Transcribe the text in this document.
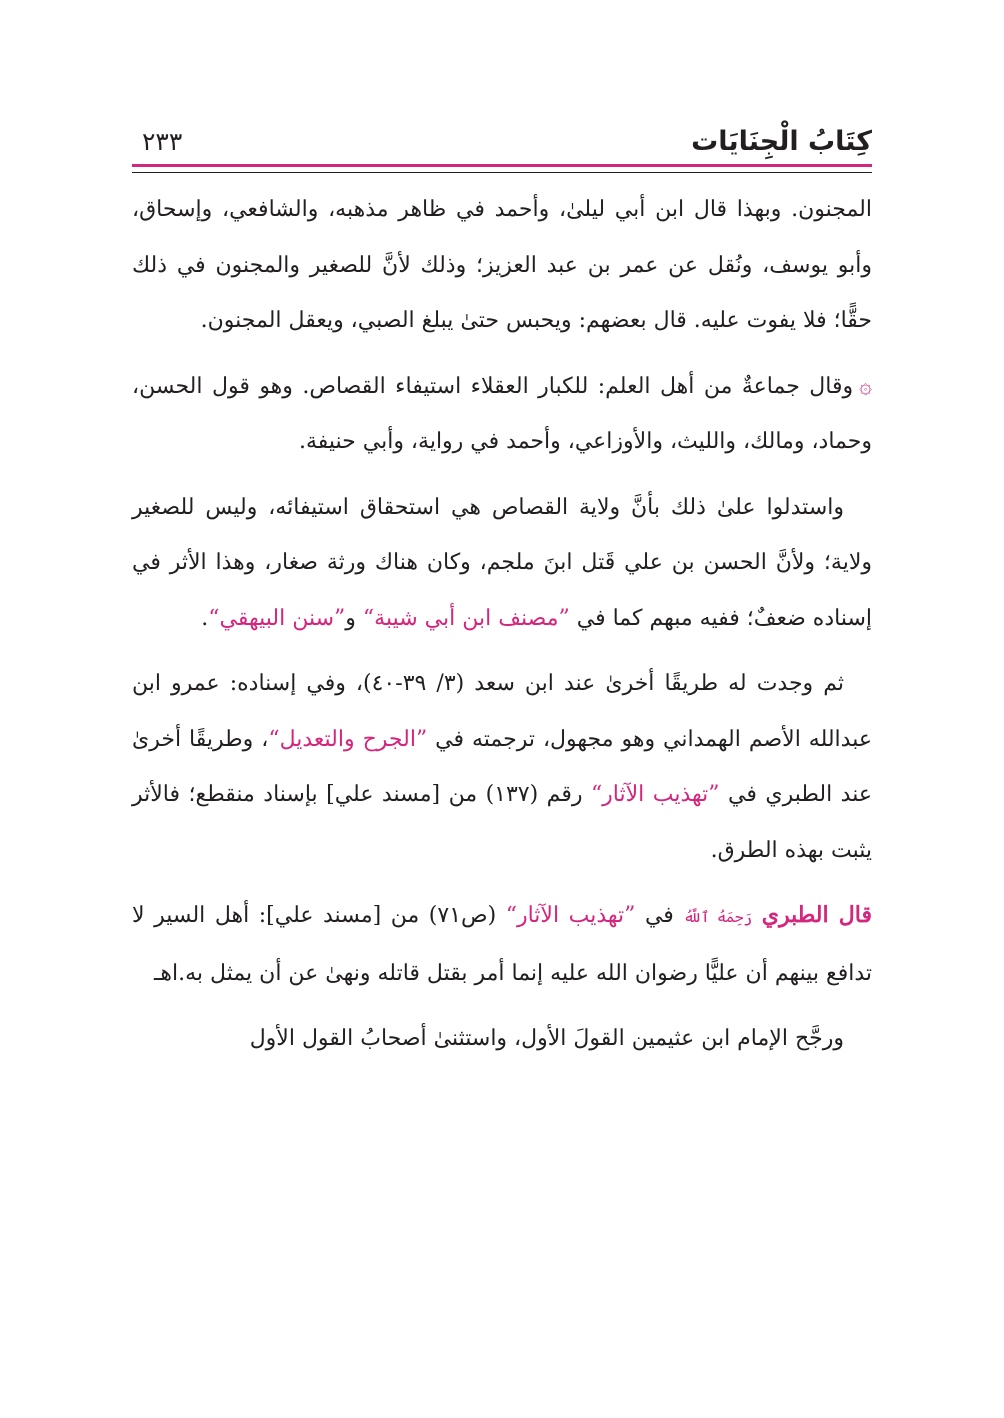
كِتَابُ الْجِنَايَات
٢٣٣

المجنون. وبهذا قال ابن أبي ليلىٰ، وأحمد في ظاهر مذهبه، والشافعي، وإسحاق، وأبو يوسف، ونُقل عن عمر بن عبد العزيز؛ وذلك لأنَّ للصغير والمجنون في ذلك حقًّا؛ فلا يفوت عليه. قال بعضهم: ويحبس حتىٰ يبلغ الصبي، ويعقل المجنون.

۞وقال جماعةٌ من أهل العلم: للكبار العقلاء استيفاء القصاص. وهو قول الحسن، وحماد، ومالك، والليث، والأوزاعي، وأحمد في رواية، وأبي حنيفة.

واستدلوا علىٰ ذلك بأنَّ ولاية القصاص هي استحقاق استيفائه، وليس للصغير ولاية؛ ولأنَّ الحسن بن علي قَتل ابنَ ملجم، وكان هناك ورثة صغار، وهذا الأثر في إسناده ضعفٌ؛ ففيه مبهم كما في ”مصنف ابن أبي شيبة“ و”سنن البيهقي“.

ثم وجدت له طريقًا أخرىٰ عند ابن سعد (٣/ ٣٩-٤٠)، وفي إسناده: عمرو ابن عبدالله الأصم الهمداني وهو مجهول، ترجمته في ”الجرح والتعديل“، وطريقًا أخرىٰ عند الطبري في ”تهذيب الآثار“ رقم (١٣٧) من [مسند علي] بإسناد منقطع؛ فالأثر يثبت بهذه الطرق.

قال الطبري رَحِمَهُ ٱللَّهُ في ”تهذيب الآثار“ (ص٧١) من [مسند علي]: أهل السير لا تدافع بينهم أن عليًّا رضوان الله عليه إنما أمر بقتل قاتله ونهىٰ عن أن يمثل به.اهـ

ورجَّح الإمام ابن عثيمين القولَ الأول، واستثنىٰ أصحابُ القول الأول
